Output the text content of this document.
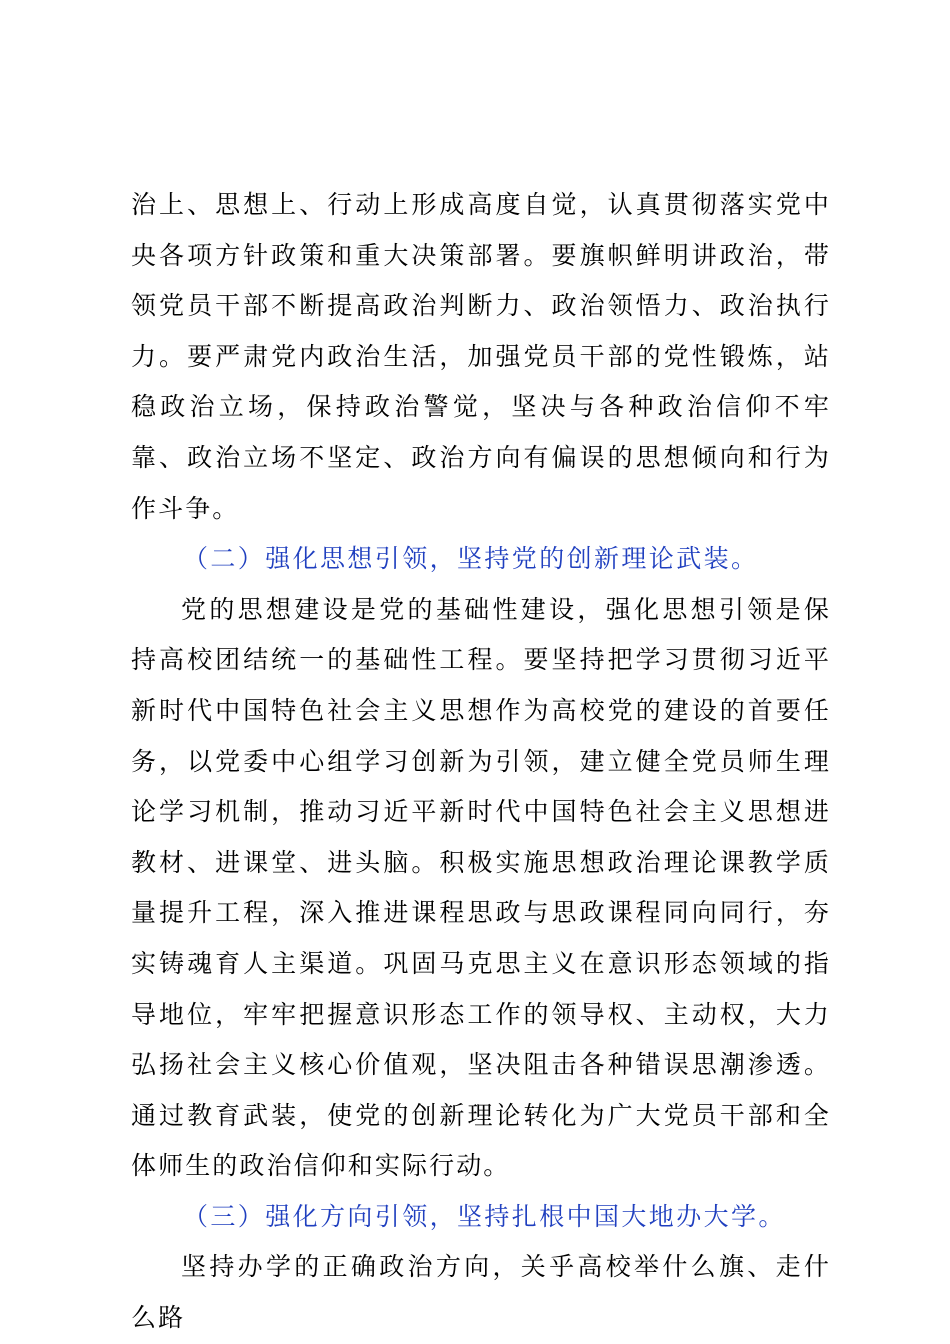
治上、思想上、行动上形成高度自觉，认真贯彻落实党中央各项方针政策和重大决策部署。要旗帜鲜明讲政治，带领党员干部不断提高政治判断力、政治领悟力、政治执行力。要严肃党内政治生活，加强党员干部的党性锻炼，站稳政治立场，保持政治警觉，坚决与各种政治信仰不牢靠、政治立场不坚定、政治方向有偏误的思想倾向和行为作斗争。

（二）强化思想引领，坚持党的创新理论武装。

党的思想建设是党的基础性建设，强化思想引领是保持高校团结统一的基础性工程。要坚持把学习贯彻习近平新时代中国特色社会主义思想作为高校党的建设的首要任务，以党委中心组学习创新为引领，建立健全党员师生理论学习机制，推动习近平新时代中国特色社会主义思想进教材、进课堂、进头脑。积极实施思想政治理论课教学质量提升工程，深入推进课程思政与思政课程同向同行，夯实铸魂育人主渠道。巩固马克思主义在意识形态领域的指导地位，牢牢把握意识形态工作的领导权、主动权，大力弘扬社会主义核心价值观，坚决阻击各种错误思潮渗透。通过教育武装，使党的创新理论转化为广大党员干部和全体师生的政治信仰和实际行动。

（三）强化方向引领，坚持扎根中国大地办大学。

坚持办学的正确政治方向，关乎高校举什么旗、走什么路
